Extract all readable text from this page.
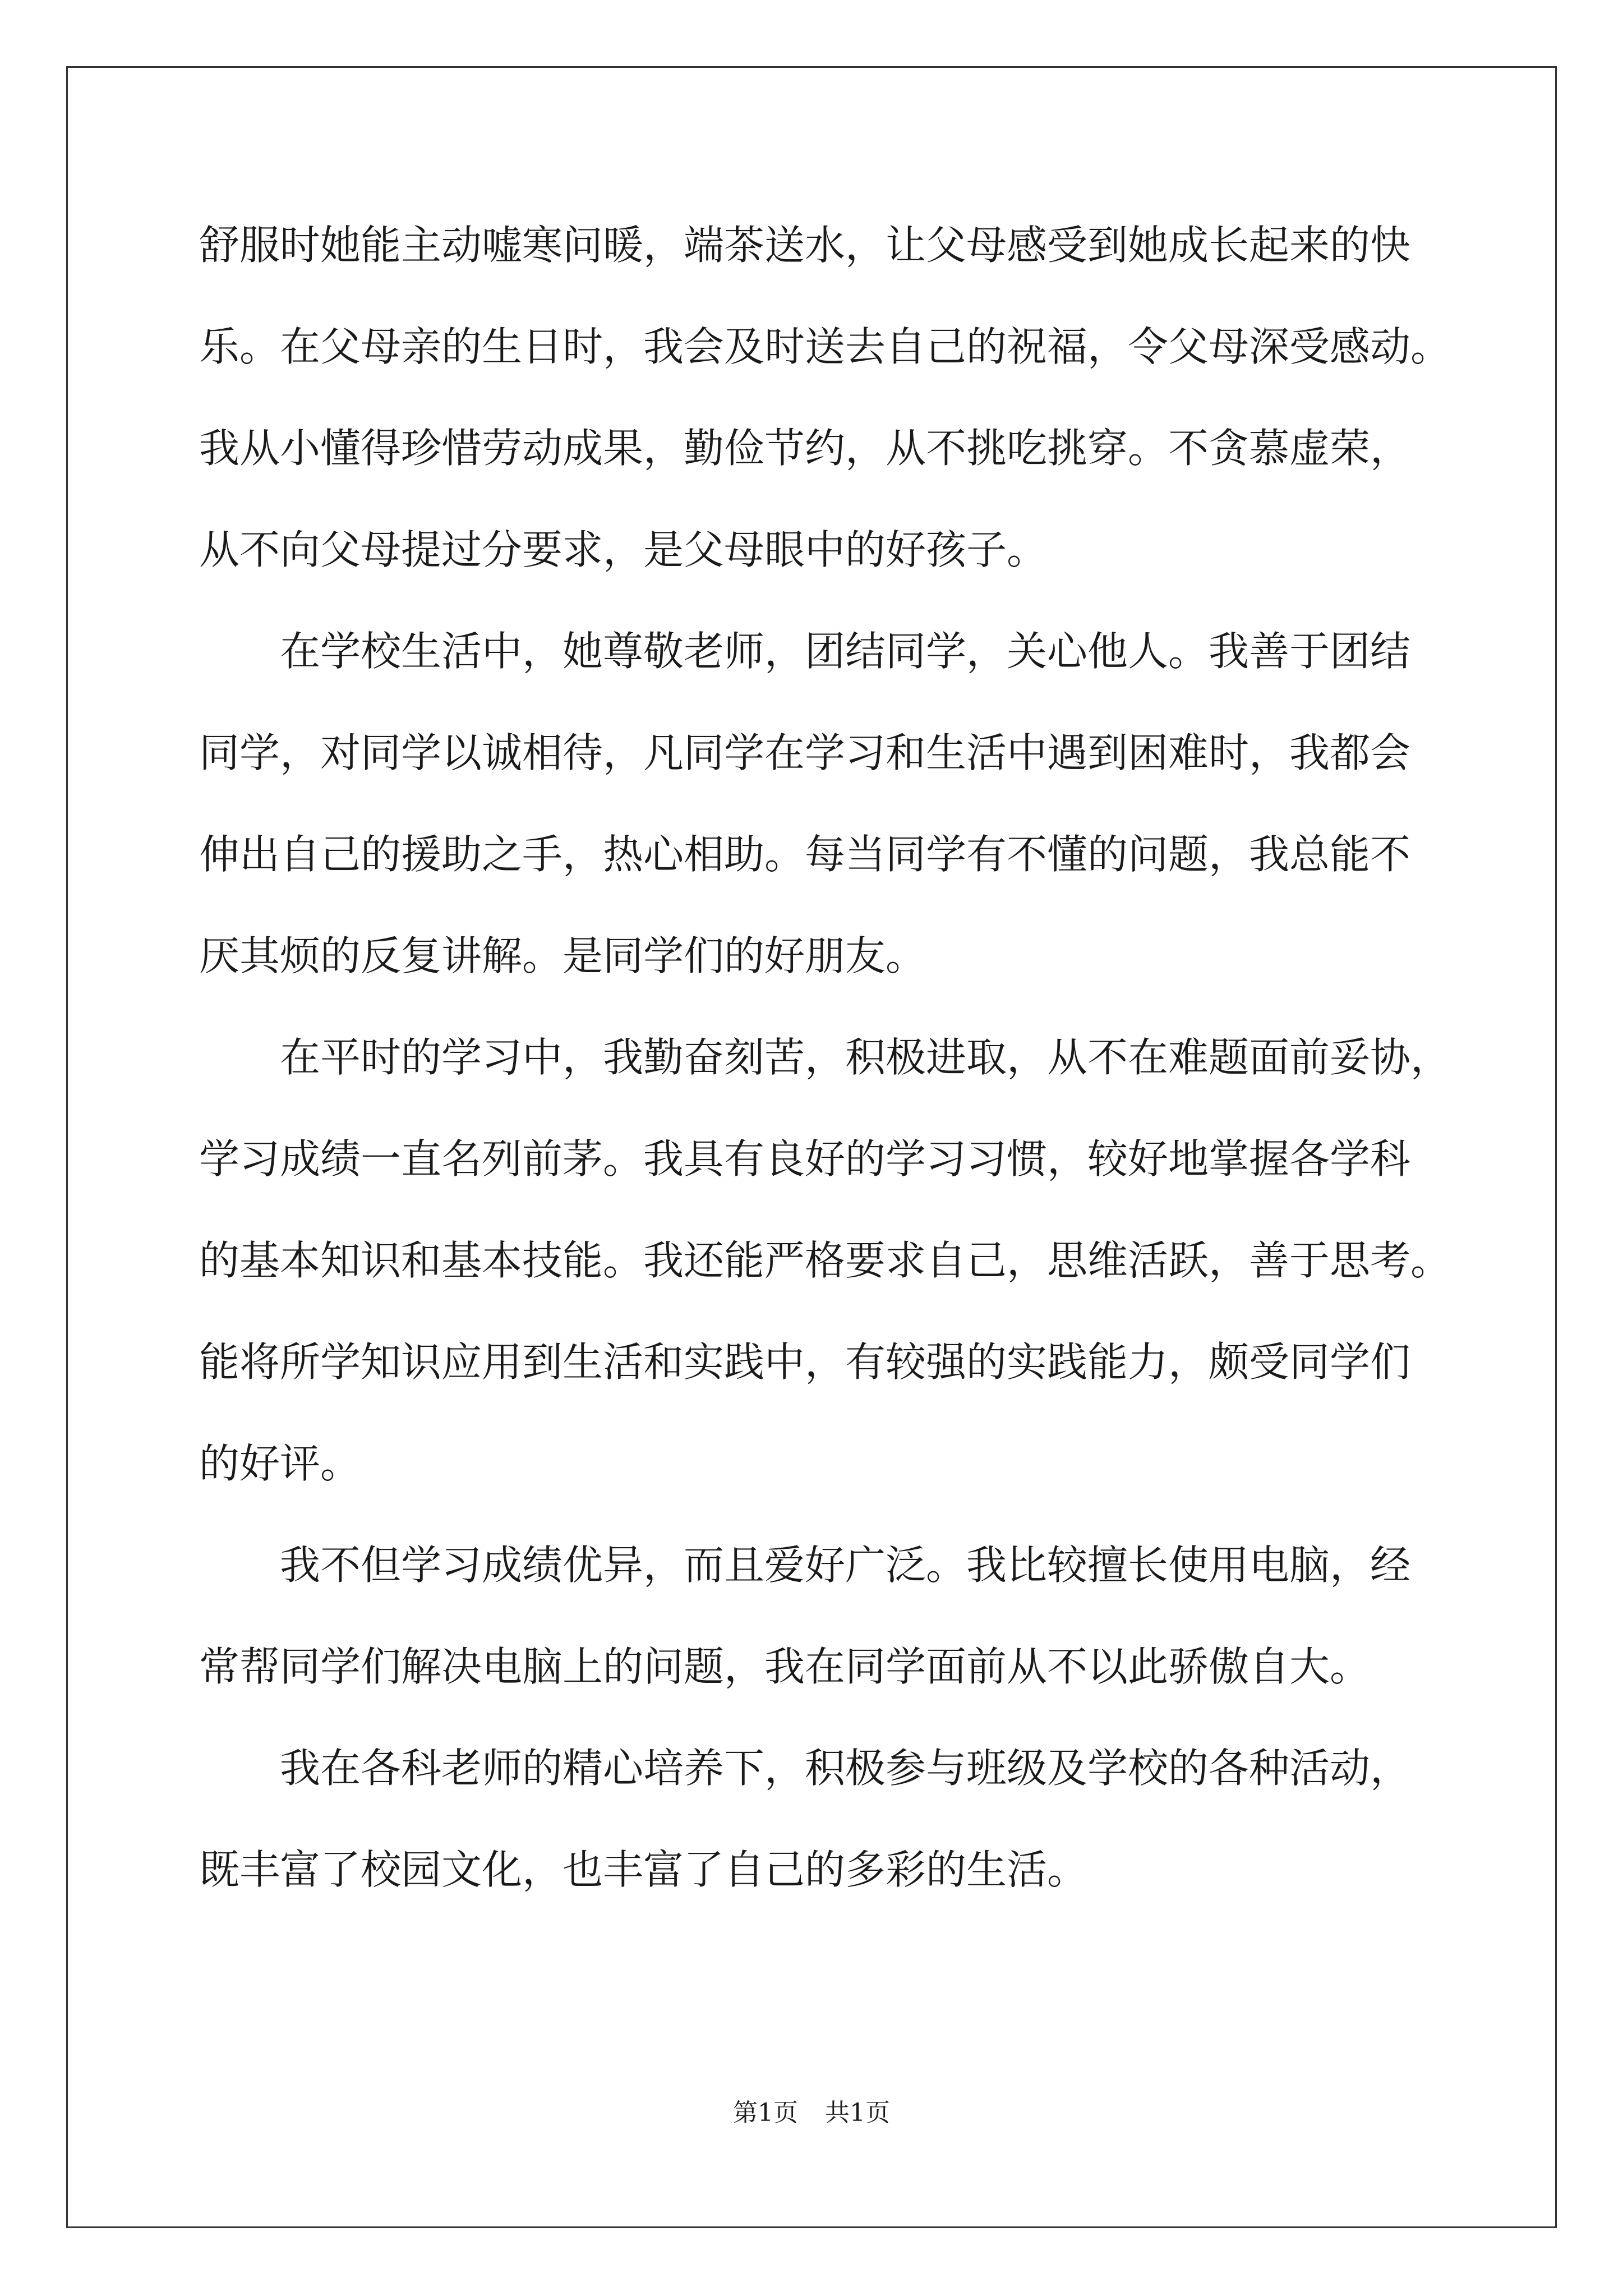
舒服时她能主动嘘寒问暖，端茶送水，让父母感受到她成长起来的快
乐。在父母亲的生日时，我会及时送去自己的祝福，令父母深受感动。
我从小懂得珍惜劳动成果，勤俭节约，从不挑吃挑穿。不贪慕虚荣，
从不向父母提过分要求，是父母眼中的好孩子。
　　在学校生活中，她尊敬老师，团结同学，关心他人。我善于团结
同学，对同学以诚相待，凡同学在学习和生活中遇到困难时，我都会
伸出自己的援助之手，热心相助。每当同学有不懂的问题，我总能不
厌其烦的反复讲解。是同学们的好朋友。
　　在平时的学习中，我勤奋刻苦，积极进取，从不在难题面前妥协，
学习成绩一直名列前茅。我具有良好的学习习惯，较好地掌握各学科
的基本知识和基本技能。我还能严格要求自己，思维活跃，善于思考。
能将所学知识应用到生活和实践中，有较强的实践能力，颇受同学们
的好评。
　　我不但学习成绩优异，而且爱好广泛。我比较擅长使用电脑，经
常帮同学们解决电脑上的问题，我在同学面前从不以此骄傲自大。
　　我在各科老师的精心培养下，积极参与班级及学校的各种活动，
既丰富了校园文化，也丰富了自己的多彩的生活。
第1页 共1页
